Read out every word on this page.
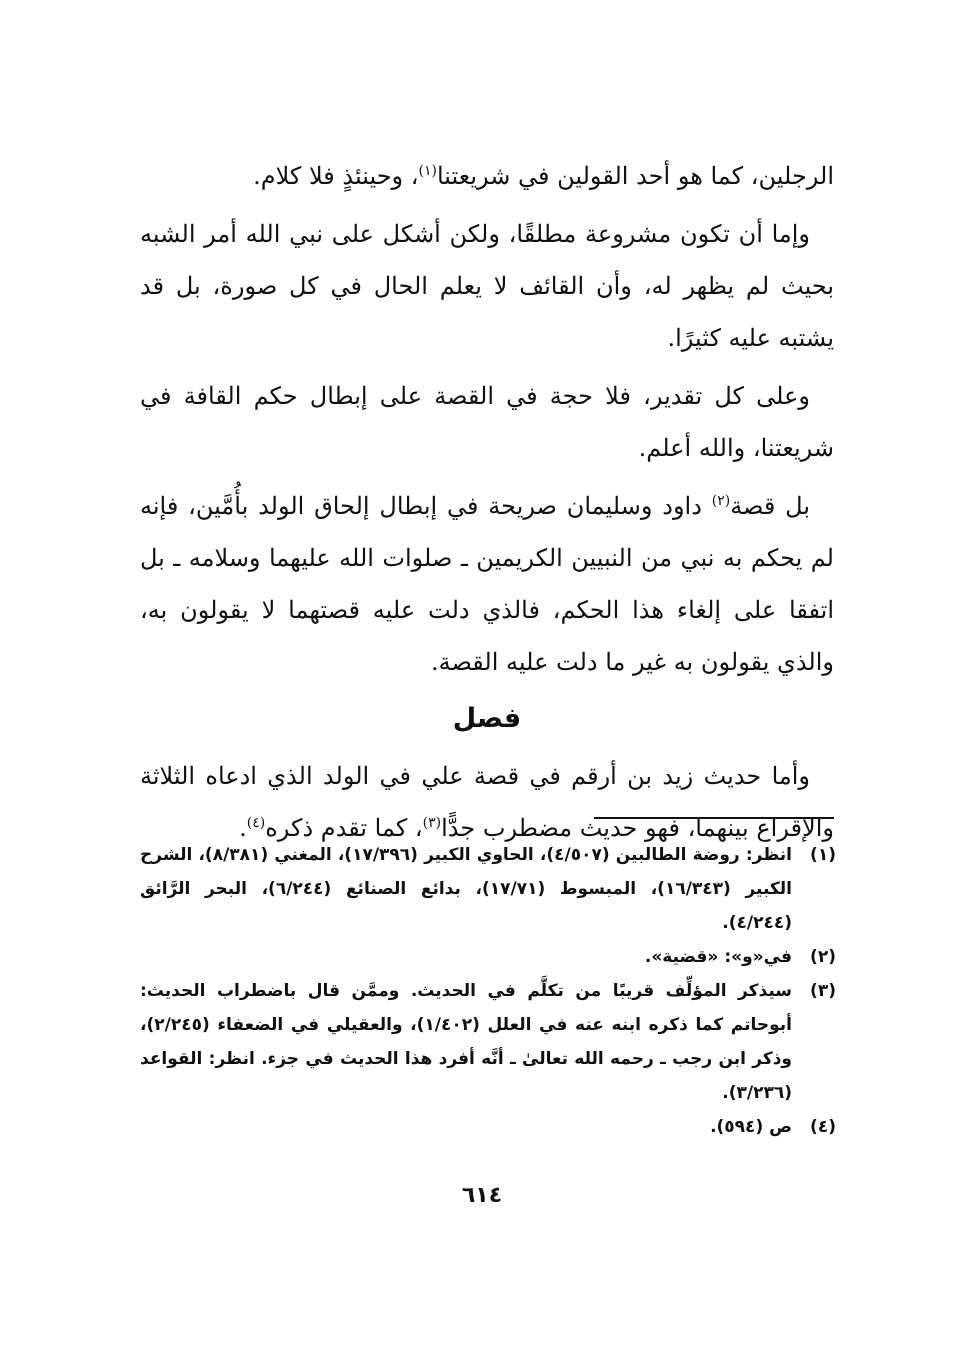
الرجلين، كما هو أحد القولين في شريعتنا$^{(١)}$، وحينئذٍ فلا كلام.

وإما أن تكون مشروعة مطلقًا، ولكن أشكل على نبي الله أمر الشبه بحيث لم يظهر له، وأن القائف لا يعلم الحال في كل صورة، بل قد يشتبه عليه كثيرًا.

وعلى كل تقدير، فلا حجة في القصة على إبطال حكم القافة في شريعتنا، والله أعلم.

بل قصة$^{(٢)}$ داود وسليمان صريحة في إبطال إلحاق الولد بأُمَّين، فإنه لم يحكم به نبي من النبيين الكريمين ـ صلوات الله عليهما وسلامه ـ بل اتفقا على إلغاء هذا الحكم، فالذي دلت عليه قصتهما لا يقولون به، والذي يقولون به غير ما دلت عليه القصة.

فصل

وأما حديث زيد بن أرقم في قصة علي في الولد الذي ادعاه الثلاثة والإقراع بينهما، فهو حديث مضطرب جدًّا$^{(٣)}$، كما تقدم ذكره$^{(٤)}$.

(١)
انظر: روضة الطالبين (٤/٥٠٧)، الحاوي الكبير (١٧/٣٩٦)، المغني (٨/٣٨١)، الشرح الكبير (١٦/٣٤٣)، المبسوط (١٧/٧١)، بدائع الصنائع (٦/٢٤٤)، البحر الرَّائق (٤/٢٤٤).
(٢)
في«و»: «قضية».
(٣)
سيذكر المؤلِّف قريبًا من تكلَّم في الحديث. وممَّن قال باضطراب الحديث: أبوحاتم كما ذكره ابنه عنه في العلل (١/٤٠٢)، والعقيلي في الضعفاء (٢/٢٤٥)، وذكر ابن رجب ـ رحمه الله تعالىٰ ـ أنَّه أفرد هذا الحديث في جزء. انظر: القواعد (٣/٢٣٦).
(٤)
ص (٥٩٤).
٦١٤
